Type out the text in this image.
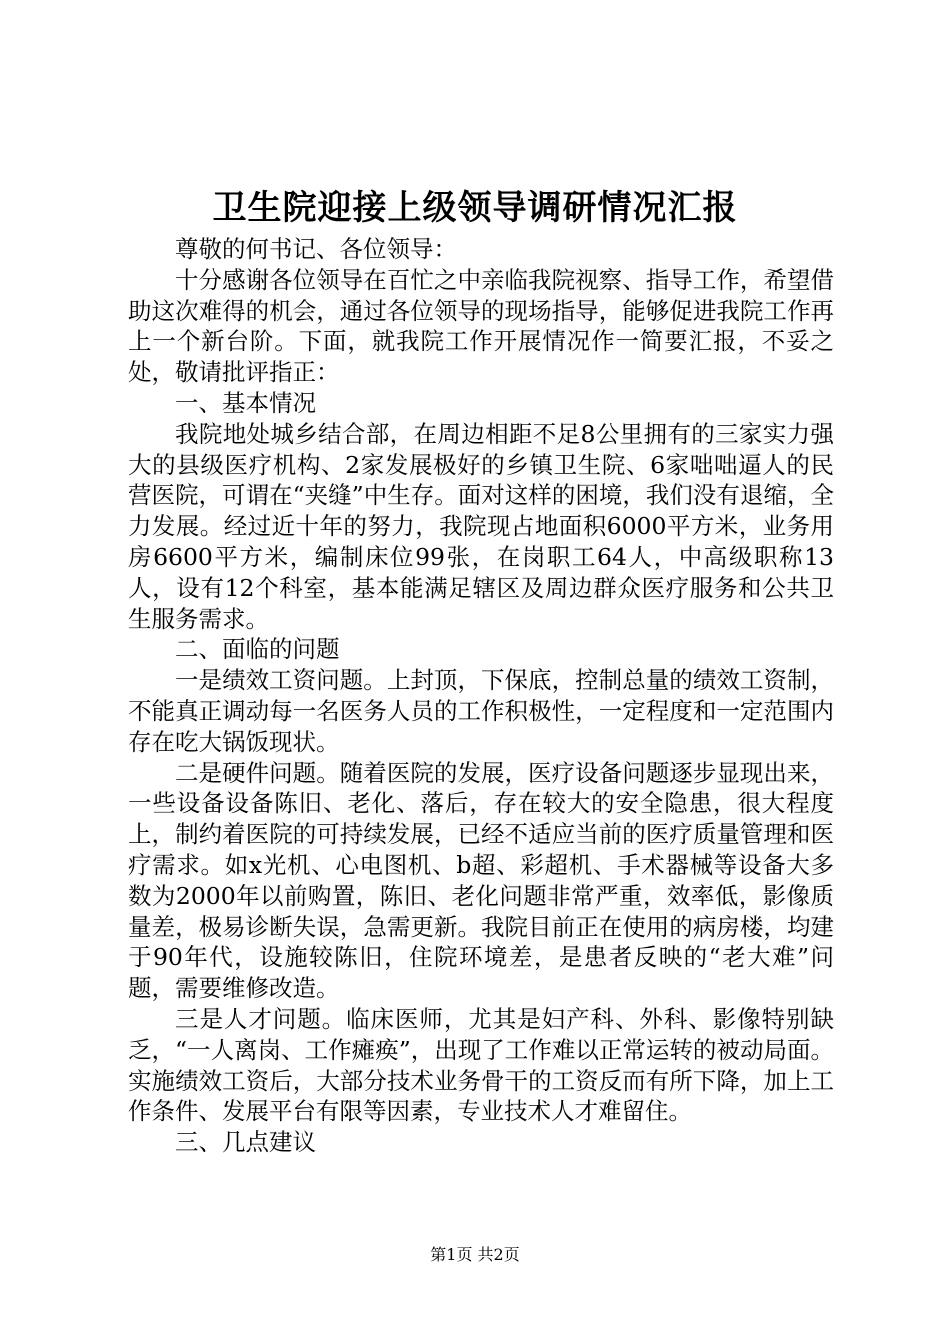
卫生院迎接上级领导调研情况汇报

尊敬的何书记、各位领导：

十分感谢各位领导在百忙之中亲临我院视察、指导工作，希望借助这次难得的机会，通过各位领导的现场指导，能够促进我院工作再上一个新台阶。下面，就我院工作开展情况作一简要汇报，不妥之处，敬请批评指正：

一、基本情况

我院地处城乡结合部，在周边相距不足8公里拥有的三家实力强大的县级医疗机构、2家发展极好的乡镇卫生院、6家咄咄逼人的民营医院，可谓在“夹缝”中生存。面对这样的困境，我们没有退缩，全力发展。经过近十年的努力，我院现占地面积6000平方米，业务用房6600平方米，编制床位99张，在岗职工64人，中高级职称13人，设有12个科室，基本能满足辖区及周边群众医疗服务和公共卫生服务需求。

二、面临的问题

一是绩效工资问题。上封顶，下保底，控制总量的绩效工资制，不能真正调动每一名医务人员的工作积极性，一定程度和一定范围内存在吃大锅饭现状。

二是硬件问题。随着医院的发展，医疗设备问题逐步显现出来，一些设备设备陈旧、老化、落后，存在较大的安全隐患，很大程度上，制约着医院的可持续发展，已经不适应当前的医疗质量管理和医疗需求。如x光机、心电图机、b超、彩超机、手术器械等设备大多数为2000年以前购置，陈旧、老化问题非常严重，效率低，影像质量差，极易诊断失误，急需更新。我院目前正在使用的病房楼，均建于90年代，设施较陈旧，住院环境差，是患者反映的“老大难”问题，需要维修改造。

三是人才问题。临床医师，尤其是妇产科、外科、影像特别缺乏，“一人离岗、工作瘫痪”，出现了工作难以正常运转的被动局面。实施绩效工资后，大部分技术业务骨干的工资反而有所下降，加上工作条件、发展平台有限等因素，专业技术人才难留住。

三、几点建议

第1页 共2页
